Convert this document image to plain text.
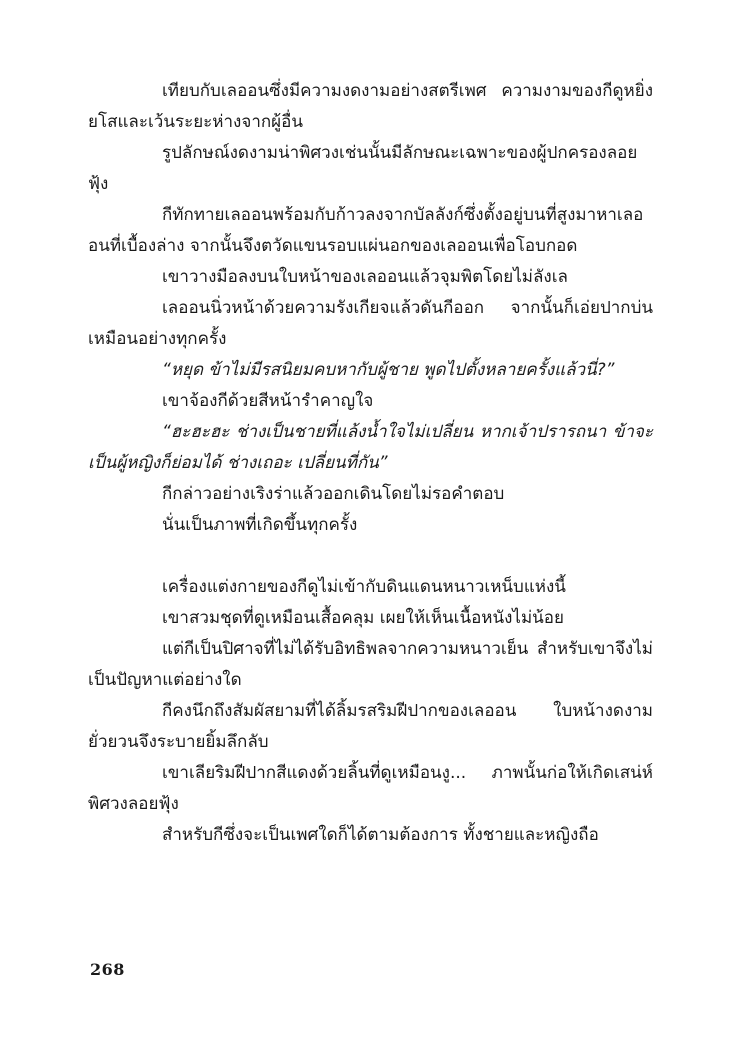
เทียบกับเลออนซึ่งมีความงดงามอย่างสตรีเพศ ความงามของกีดูหยิ่งยโสและเว้นระยะห่างจากผู้อื่น

รูปลักษณ์งดงามน่าพิศวงเช่นนั้นมีลักษณะเฉพาะของผู้ปกครองลอยฟุ้ง

กีทักทายเลออนพร้อมกับก้าวลงจากบัลลังก์ซึ่งตั้งอยู่บนที่สูงมาหาเลออนที่เบื้องล่าง จากนั้นจึงตวัดแขนรอบแผ่นอกของเลออนเพื่อโอบกอด

เขาวางมือลงบนใบหน้าของเลออนแล้วจุมพิตโดยไม่ลังเล

เลออนนิ่วหน้าด้วยความรังเกียจแล้วดันกีออก จากนั้นก็เอ่ยปากบ่นเหมือนอย่างทุกครั้ง

“หยุด ข้าไม่มีรสนิยมคบหากับผู้ชาย พูดไปตั้งหลายครั้งแล้วนี่?”

เขาจ้องกีด้วยสีหน้ารำคาญใจ

“ฮะฮะฮะ ช่างเป็นชายที่แล้งน้ำใจไม่เปลี่ยน หากเจ้าปรารถนา ข้าจะเป็นผู้หญิงก็ย่อมได้ ช่างเถอะ เปลี่ยนที่กัน”

กีกล่าวอย่างเริงร่าแล้วออกเดินโดยไม่รอคำตอบ

นั่นเป็นภาพที่เกิดขึ้นทุกครั้ง

เครื่องแต่งกายของกีดูไม่เข้ากับดินแดนหนาวเหน็บแห่งนี้

เขาสวมชุดที่ดูเหมือนเสื้อคลุม เผยให้เห็นเนื้อหนังไม่น้อย

แต่กีเป็นปิศาจที่ไม่ได้รับอิทธิพลจากความหนาวเย็น สำหรับเขาจึงไม่เป็นปัญหาแต่อย่างใด

กีคงนึกถึงสัมผัสยามที่ได้ลิ้มรสริมฝีปากของเลออน ใบหน้างดงามยั่วยวนจึงระบายยิ้มลึกลับ

เขาเลียริมฝีปากสีแดงด้วยลิ้นที่ดูเหมือนงู... ภาพนั้นก่อให้เกิดเสน่ห์พิศวงลอยฟุ้ง

สำหรับกีซึ่งจะเป็นเพศใดก็ได้ตามต้องการ ทั้งชายและหญิงถือ

268
